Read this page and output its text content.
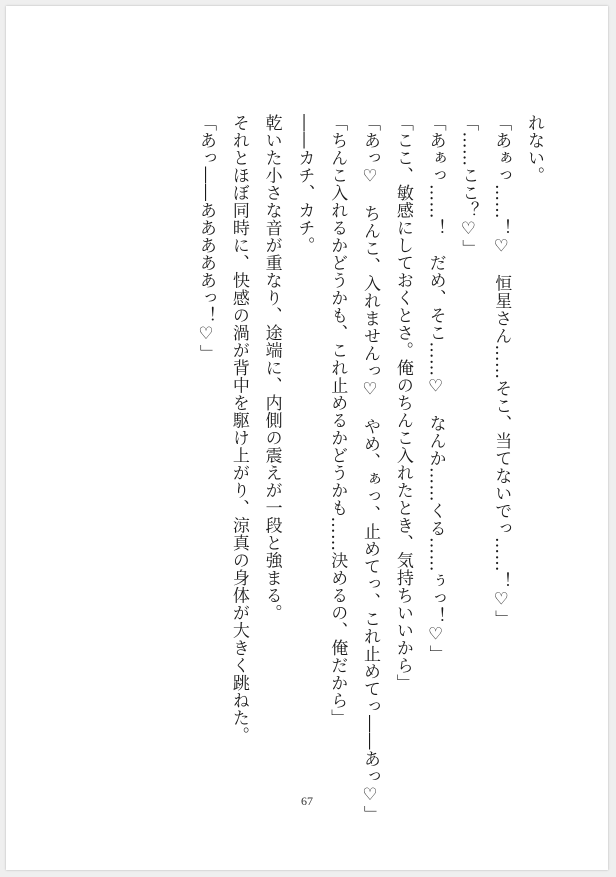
れない。
「あぁっ……！♡　恒星さん……そこ、当てないでっ……！♡」
「……ここ？♡」
「あぁっ……！　だめ、そこ……♡　なんか……くる……ぅっ！♡」
「ここ、敏感にしておくとさ。俺のちんこ入れたとき、気持ちいいから」
「あっ♡　ちんこ、入れませんっ♡　やめ、ぁっ、止めてっ、これ止めてっ――あっ♡」
「ちんこ入れるかどうかも、これ止めるかどうかも……決めるの、俺だから」
――カチ、カチ。
乾いた小さな音が重なり、途端に、内側の震えが一段と強まる。
それとほぼ同時に、快感の渦が背中を駆け上がり、涼真の身体が大きく跳ねた。
「あっ――あああああっ！♡」
67
